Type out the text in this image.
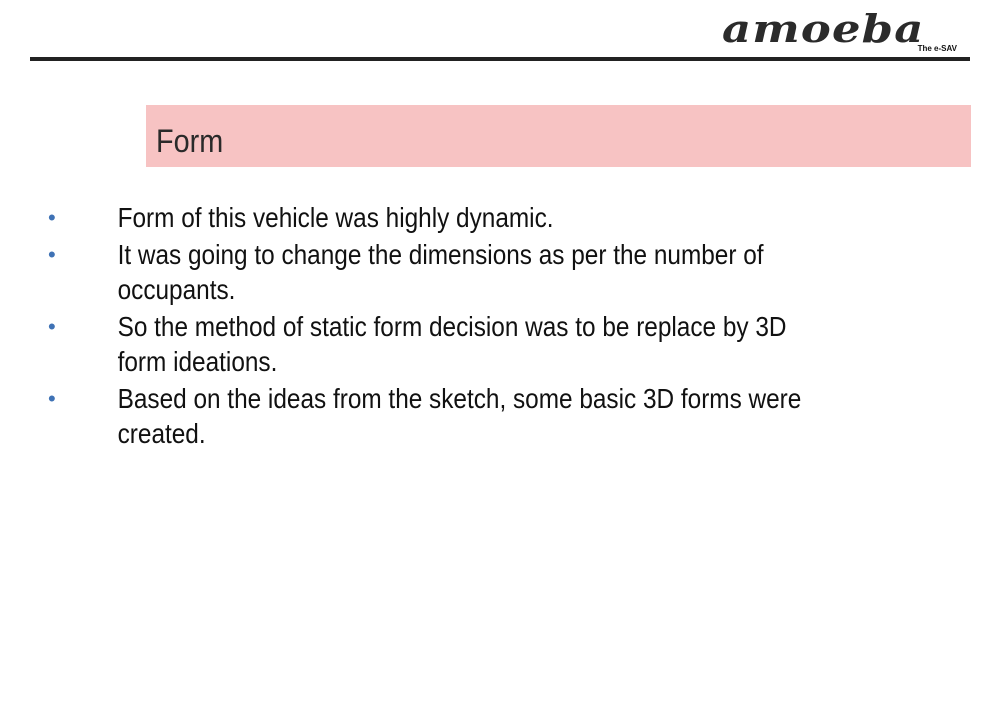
amoeba
The e-SAV
Form
•	Form of this vehicle was highly dynamic.
•	It was going to change the dimensions as per the number of occupants.
•	So the method of static form decision was to be replace by 3D form ideations.
•	Based on the ideas from the sketch, some basic 3D forms were created.
